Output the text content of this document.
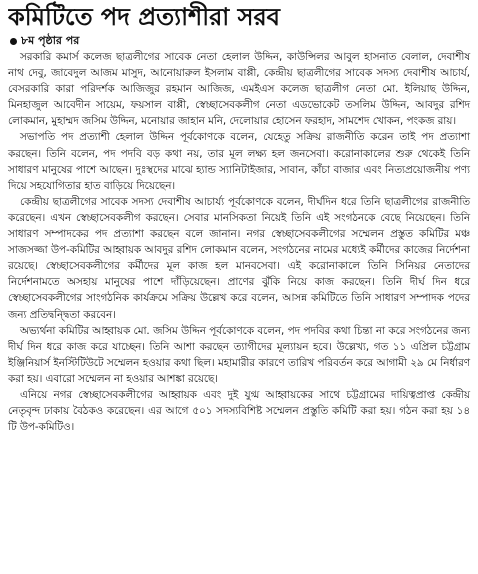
কমিটিতে পদ প্রত্যাশীরা সরব
৮ম পৃষ্ঠার পর

সরকারি কমার্স কলেজ ছাত্রলীগের সাবেক নেতা হেলাল উদ্দিন, কাউন্সিলর আবুল হাসনাত বেলাল, দেবাশীষ নাথ দেবু, জাবেদুল আজম মাসুদ, আনোয়ারুল ইসলাম বাপ্পী, কেন্দ্রীয় ছাত্রলীগের সাবেক সদস্য দেবাশীষ আচার্য, বেসরকারি কারা পরিদর্শক আজিজুর রহমান আজিজ, এমইএস কলেজ ছাত্রলীগ নেতা মো. ইলিয়াছ উদ্দিন, মিনহাজুল আবেদীন সায়েম, ফয়সাল বাপ্পী, স্বেচ্ছাসেবকলীগ নেতা এডভোকেট তসলিম উদ্দিন, আবদুর রশিদ লোকমান, মুহাম্মদ জসিম উদ্দিন, মনোয়ার জাহান মনি, দেলোয়ার হোসেন ফরহাদ, সামশেদ খোকন, পংকজ রায়।

সভাপতি পদ প্রত্যাশী হেলাল উদ্দিন পূর্বকোণকে বলেন, যেহেতু সক্রিয় রাজনীতি করেন তাই পদ প্রত্যাশা করছেন। তিনি বলেন, পদ পদবি বড় কথা নয়, তার মূল লক্ষ্য হল জনসেবা। করোনাকালের শুরু থেকেই তিনি সাধারণ মানুষের পাশে আছেন। দুঃস্থদের মাঝে হ্যান্ড স্যানিটাইজার, সাবান, কাঁচা বাজার এবং নিত্যপ্রয়োজনীয় পণ্য দিয়ে সহযোগিতার হাত বাড়িয়ে দিয়েছেন।

কেন্দ্রীয় ছাত্রলীগের সাবেক সদস্য দেবাশীষ আচার্য্য পূর্বকোণকে বলেন, দীর্ঘদিন ধরে তিনি ছাত্রলীগের রাজনীতি করেছেন। এখন স্বেচ্ছাসেবকলীগ করছেন। সেবার মানসিকতা নিয়েই তিনি এই সংগঠনকে বেছে নিয়েছেন। তিনি সাধারণ সম্পাদকের পদ প্রত্যাশা করছেন বলে জানান। নগর স্বেচ্ছাসেবকলীগের সম্মেলন প্রস্তুত কমিটির মঞ্চ সাজসজ্জা উপ-কমিটির আহ্বায়ক আবদুর রশিদ লোকমান বলেন, সংগঠনের নামের মধ্যেই কর্মীদের কাজের নির্দেশনা রয়েছে। স্বেচ্ছাসেবকলীগের কর্মীদের মূল কাজ হল মানবসেবা। এই করোনাকালে তিনি সিনিয়র নেতাদের নির্দেশনামতে অসহায় মানুষের পাশে দাঁড়িয়েছেন। প্রাণের ঝুঁকি নিয়ে কাজ করছেন। তিনি দীর্ঘ দিন ধরে স্বেচ্ছাসেবকলীগের সাংগঠনিক কার্যক্রমে সক্রিয় উল্লেখ করে বলেন, আসন্ন কমিটিতে তিনি সাধারণ সম্পাদক পদের জন্য প্রতিদ্বন্দ্বিতা করবেন।

অভ্যর্থনা কমিটির আহ্বায়ক মো. জসিম উদ্দিন পূর্বকোণকে বলেন, পদ পদবির কথা চিন্তা না করে সংগঠনের জন্য দীর্ঘ দিন ধরে কাজ করে যাচ্ছেন। তিনি আশা করছেন ত্যাগীদের মূল্যায়ন হবে। উল্লেখ্য, গত ১১ এপ্রিল চট্টগ্রাম ইঞ্জিনিয়ার্স ইনস্টিটিউটে সম্মেলন হওয়ার কথা ছিল। মহামারীর কারণে তারিখ পরিবর্তন করে আগামী ২৯ মে নির্ধারণ করা হয়। এবারো সম্মেলন না হওয়ার আশঙ্কা রয়েছে।

এনিয়ে নগর স্বেচ্ছাসেবকলীগের আহ্বায়ক এবং দুই যুগ্ম আহ্বায়কের সাথে চট্টগ্রামের দায়িত্বপ্রাপ্ত কেন্দ্রীয় নেতৃবৃন্দ ঢাকায় বৈঠকও করেছেন। এর আগে ৫০১ সদস্যবিশিষ্ট সম্মেলন প্রস্তুতি কমিটি করা হয়। গঠন করা হয় ১৪ টি উপ-কমিটিও।
